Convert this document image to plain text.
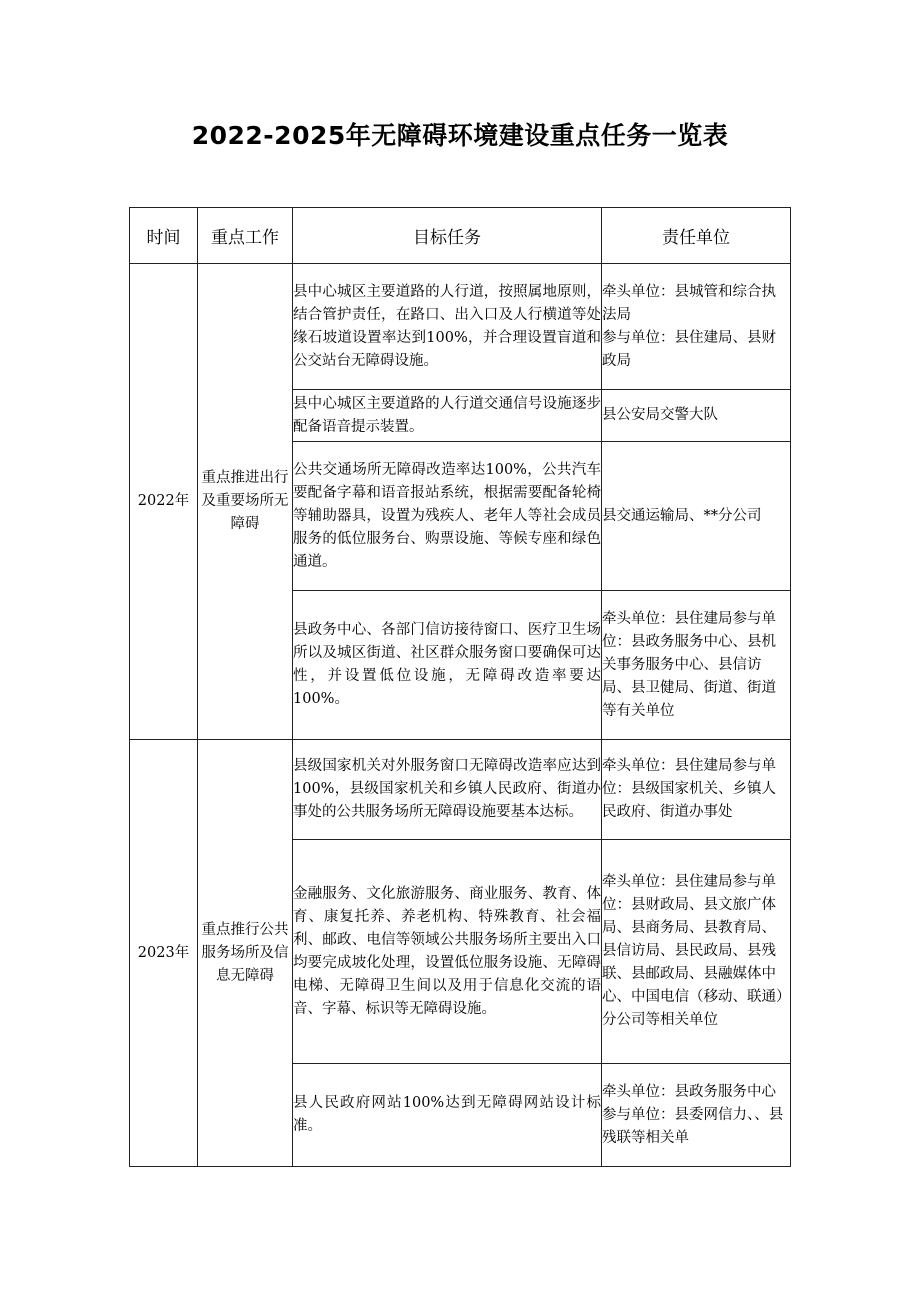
2022-2025年无障碍环境建设重点任务一览表
时间	重点工作	目标任务	责任单位
2022年	重点推进出行及重要场所无障碍	县中心城区主要道路的人行道，按照属地原则，结合管护责任，在路口、出入口及人行横道等处缘石坡道设置率达到100%，并合理设置盲道和公交站台无障碍设施。	牵头单位：县城管和综合执法局
参与单位：县住建局、县财政局

		县中心城区主要道路的人行道交通信号设施逐步配备语音提示装置。	县公安局交警大队

		公共交通场所无障碍改造率达100%，公共汽车要配备字幕和语音报站系统，根据需要配备轮椅等辅助器具，设置为残疾人、老年人等社会成员服务的低位服务台、购票设施、等候专座和绿色通道。	县交通运输局、**分公司

		县政务中心、各部门信访接待窗口、医疗卫生场所以及城区街道、社区群众服务窗口要确保可达性，并设置低位设施，无障碍改造率要达100%。	牵头单位：县住建局参与单位：县政务服务中心、县机关事务服务中心、县信访局、县卫健局、街道、街道等有关单位

2023年	重点推行公共服务场所及信息无障碍	县级国家机关对外服务窗口无障碍改造率应达到100%，县级国家机关和乡镇人民政府、街道办事处的公共服务场所无障碍设施要基本达标。	牵头单位：县住建局参与单位：县级国家机关、乡镇人民政府、街道办事处

		金融服务、文化旅游服务、商业服务、教育、体育、康复托养、养老机构、特殊教育、社会福利、邮政、电信等领域公共服务场所主要出入口均要完成坡化处理，设置低位服务设施、无障碍电梯、无障碍卫生间以及用于信息化交流的语音、字幕、标识等无障碍设施。	牵头单位：县住建局参与单位：县财政局、县文旅广体局、县商务局、县教育局、县信访局、县民政局、县残联、县邮政局、县融媒体中心、中国电信（移动、联通）分公司等相关单位

		县人民政府网站100%达到无障碍网站设计标准。	牵头单位：县政务服务中心
参与单位：县委网信力、、县残联等相关单
